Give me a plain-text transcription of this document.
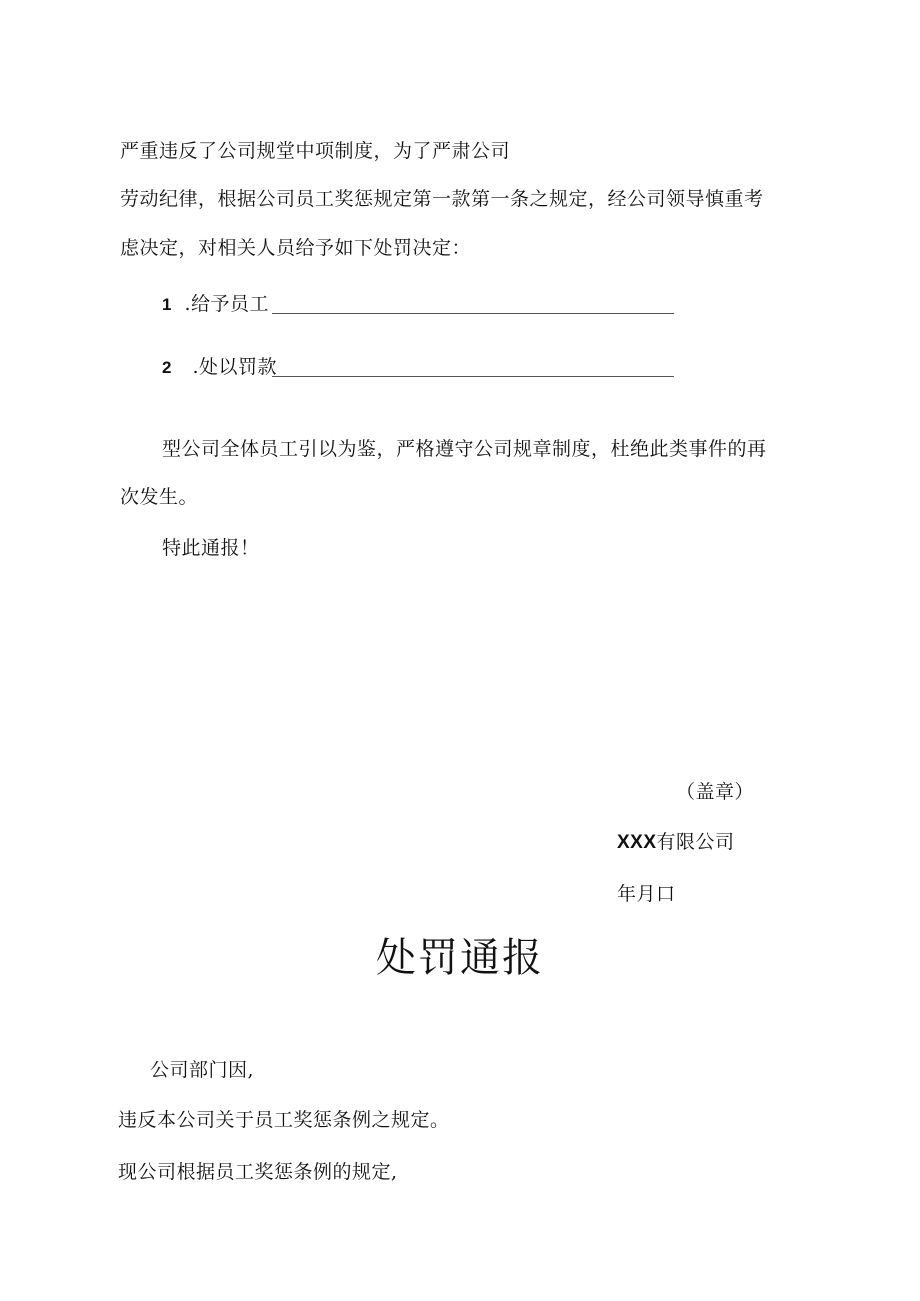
严重违反了公司规堂中项制度，为了严肃公司
劳动纪律，根据公司员工奖惩规定第一款第一条之规定，经公司领导慎重考
虑决定，对相关人员给予如下处罚决定：
1 .给予员工
2 .处以罚款
型公司全体员工引以为鉴，严格遵守公司规章制度，杜绝此类事件的再
次发生。
特此通报！
（盖章）
XXX有限公司
年月口
处罚通报
公司部门因,
违反本公司关于员工奖惩条例之规定。
现公司根据员工奖惩条例的规定,
